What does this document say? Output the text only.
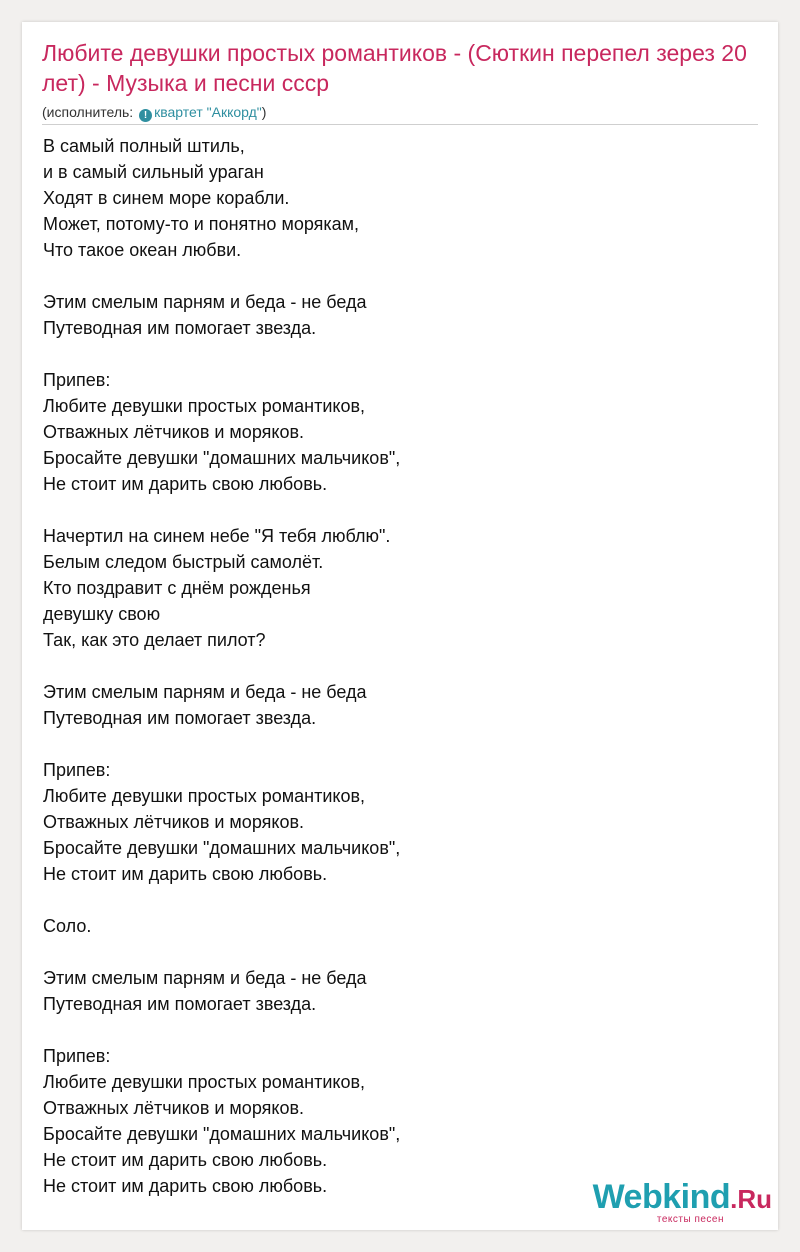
Любите девушки простых романтиков - (Сюткин перепел зерез 20 лет) - Музыка и песни ссср
(исполнитель: ! квартет "Аккорд")
В самый полный штиль,
и в самый сильный ураган
Ходят в синем море корабли.
Может, потому-то и понятно морякам,
Что такое океан любви.
Этим смелым парням и беда - не беда
Путеводная им помогает звезда.
Припев:
Любите девушки простых романтиков,
Отважных лётчиков и моряков.
Бросайте девушки "домашних мальчиков",
Не стоит им дарить свою любовь.
Начертил на синем небе "Я тебя люблю".
Белым следом быстрый самолёт.
Кто поздравит с днём рожденья
девушку свою
Так, как это делает пилот?
Этим смелым парням и беда - не беда
Путеводная им помогает звезда.
Припев:
Любите девушки простых романтиков,
Отважных лётчиков и моряков.
Бросайте девушки "домашних мальчиков",
Не стоит им дарить свою любовь.
Соло.
Этим смелым парням и беда - не беда
Путеводная им помогает звезда.
Припев:
Любите девушки простых романтиков,
Отважных лётчиков и моряков.
Бросайте девушки "домашних мальчиков",
Не стоит им дарить свою любовь.
Не стоит им дарить свою любовь.	Webkind.Ru
тексты песен
